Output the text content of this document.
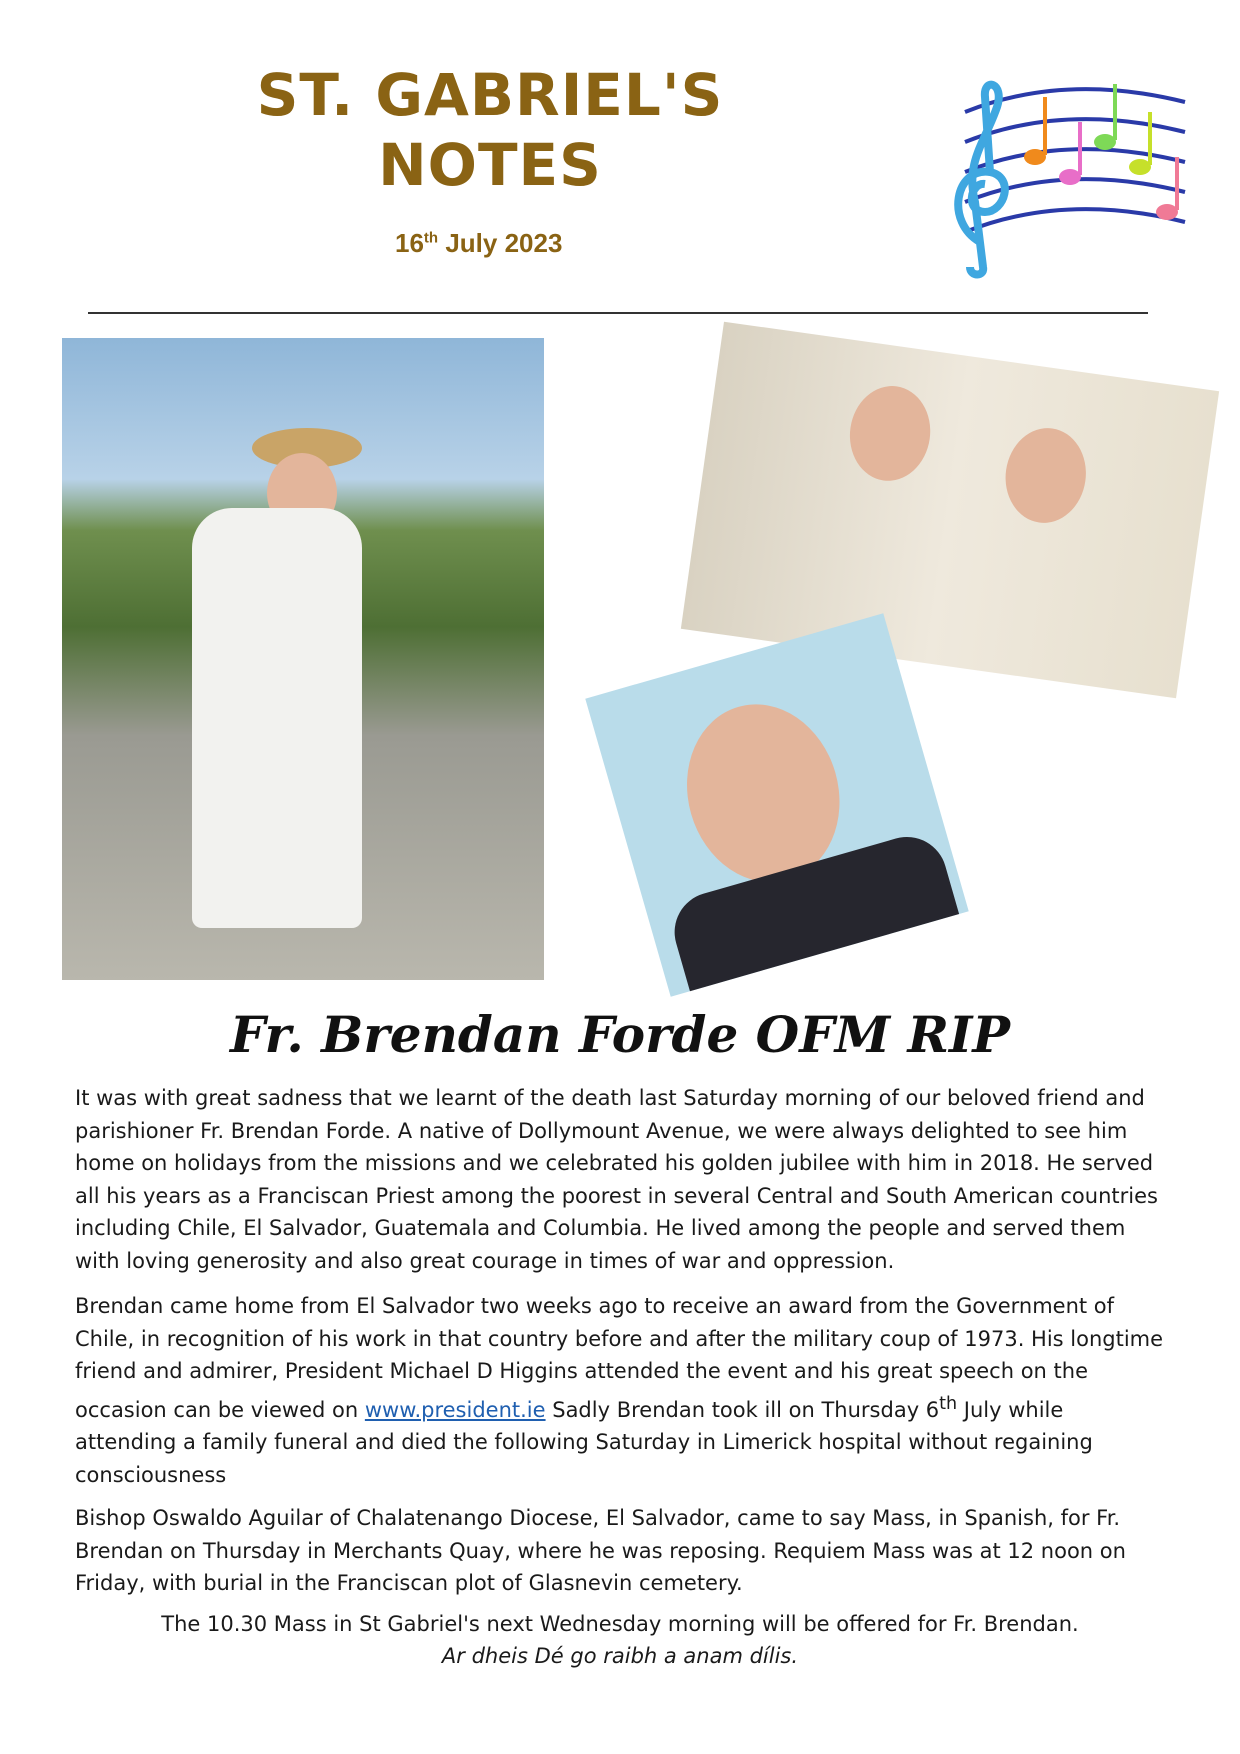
ST. GABRIEL'S
NOTES
16th July 2023
Fr. Brendan Forde OFM RIP
It was with great sadness that we learnt of the death last Saturday morning of our beloved friend and parishioner Fr. Brendan Forde. A native of Dollymount Avenue, we were always delighted to see him home on holidays from the missions and we celebrated his golden jubilee with him in 2018. He served all his years as a Franciscan Priest among the poorest in several Central and South American countries including Chile, El Salvador, Guatemala and Columbia. He lived among the people and served them with loving generosity and also great courage in times of war and oppression.
Brendan came home from El Salvador two weeks ago to receive an award from the Government of Chile, in recognition of his work in that country before and after the military coup of 1973. His longtime friend and admirer, President Michael D Higgins attended the event and his great speech on the occasion can be viewed on www.president.ie Sadly Brendan took ill on Thursday 6th July while attending a family funeral and died the following Saturday in Limerick hospital without regaining consciousness
Bishop Oswaldo Aguilar of Chalatenango Diocese, El Salvador, came to say Mass, in Spanish, for Fr. Brendan on Thursday in Merchants Quay, where he was reposing. Requiem Mass was at 12 noon on Friday, with burial in the Franciscan plot of Glasnevin cemetery.
The 10.30 Mass in St Gabriel's next Wednesday morning will be offered for Fr. Brendan.
Ar dheis Dé go raibh a anam dílis.
